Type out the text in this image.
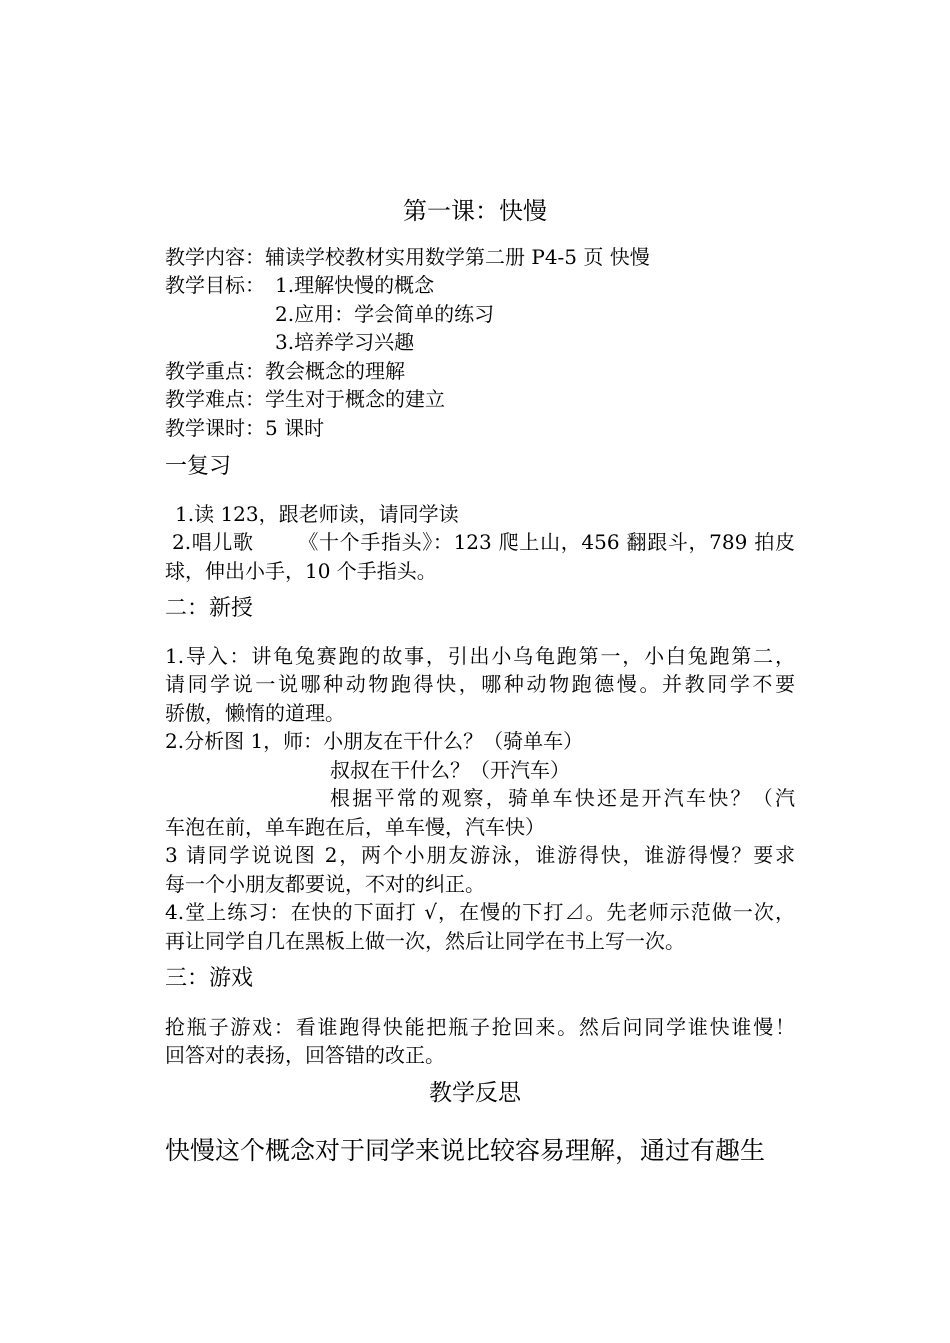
第一课：快慢
教学内容：辅读学校教材实用数学第二册 P4-5 页 快慢
教学目标： 1.理解快慢的概念
2.应用：学会简单的练习
3.培养学习兴趣
教学重点：教会概念的理解
教学难点：学生对于概念的建立
教学课时：5 课时
一复习
1.读 123，跟老师读，请同学读
2.唱儿歌 《十个手指头》：123 爬上山，456 翻跟斗，789 拍皮
球，伸出小手，10 个手指头。
二：新授
1.导入：讲龟兔赛跑的故事，引出小乌龟跑第一，小白兔跑第二，
请同学说一说哪种动物跑得快，哪种动物跑德慢。并教同学不要
骄傲，懒惰的道理。
2.分析图 1，师：小朋友在干什么？（骑单车）
叔叔在干什么？（开汽车）
根据平常的观察，骑单车快还是开汽车快？（汽
车泡在前，单车跑在后，单车慢，汽车快）
3 请同学说说图 2，两个小朋友游泳，谁游得快，谁游得慢？要求
每一个小朋友都要说，不对的纠正。
4.堂上练习：在快的下面打 √，在慢的下打⊿。先老师示范做一次，
再让同学自几在黑板上做一次，然后让同学在书上写一次。
三：游戏
抢瓶子游戏：看谁跑得快能把瓶子抢回来。然后问同学谁快谁慢！
回答对的表扬，回答错的改正。
教学反思
快慢这个概念对于同学来说比较容易理解，通过有趣生
